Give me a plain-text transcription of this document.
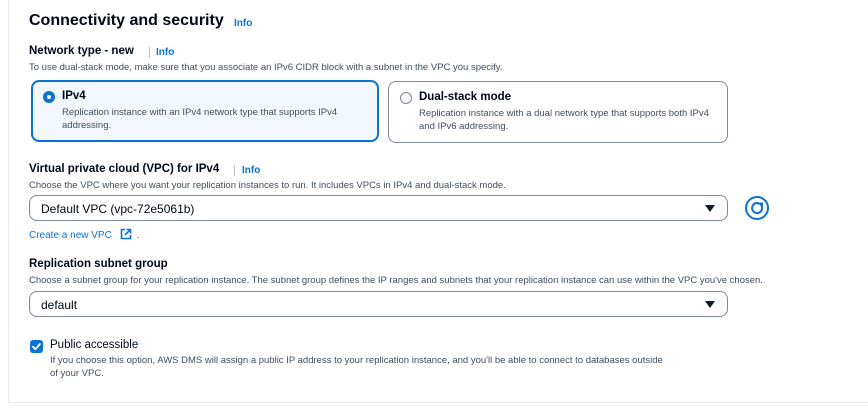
Connectivity and security Info
Network type - new Info
To use dual-stack mode, make sure that you associate an IPv6 CIDR block with a subnet in the VPC you specify.
IPv4
Replication instance with an IPv4 network type that supports IPv4 addressing.
Dual-stack mode
Replication instance with a dual network type that supports both IPv4 and IPv6 addressing.
Virtual private cloud (VPC) for IPv4 Info
Choose the VPC where you want your replication instances to run. It includes VPCs in IPv4 and dual-stack mode.
Default VPC (vpc-72e5061b)
Create a new VPC .
Replication subnet group
Choose a subnet group for your replication instance. The subnet group defines the IP ranges and subnets that your replication instance can use within the VPC you've chosen.
default
Public accessible
If you choose this option, AWS DMS will assign a public IP address to your replication instance, and you'll be able to connect to databases outside
of your VPC.
